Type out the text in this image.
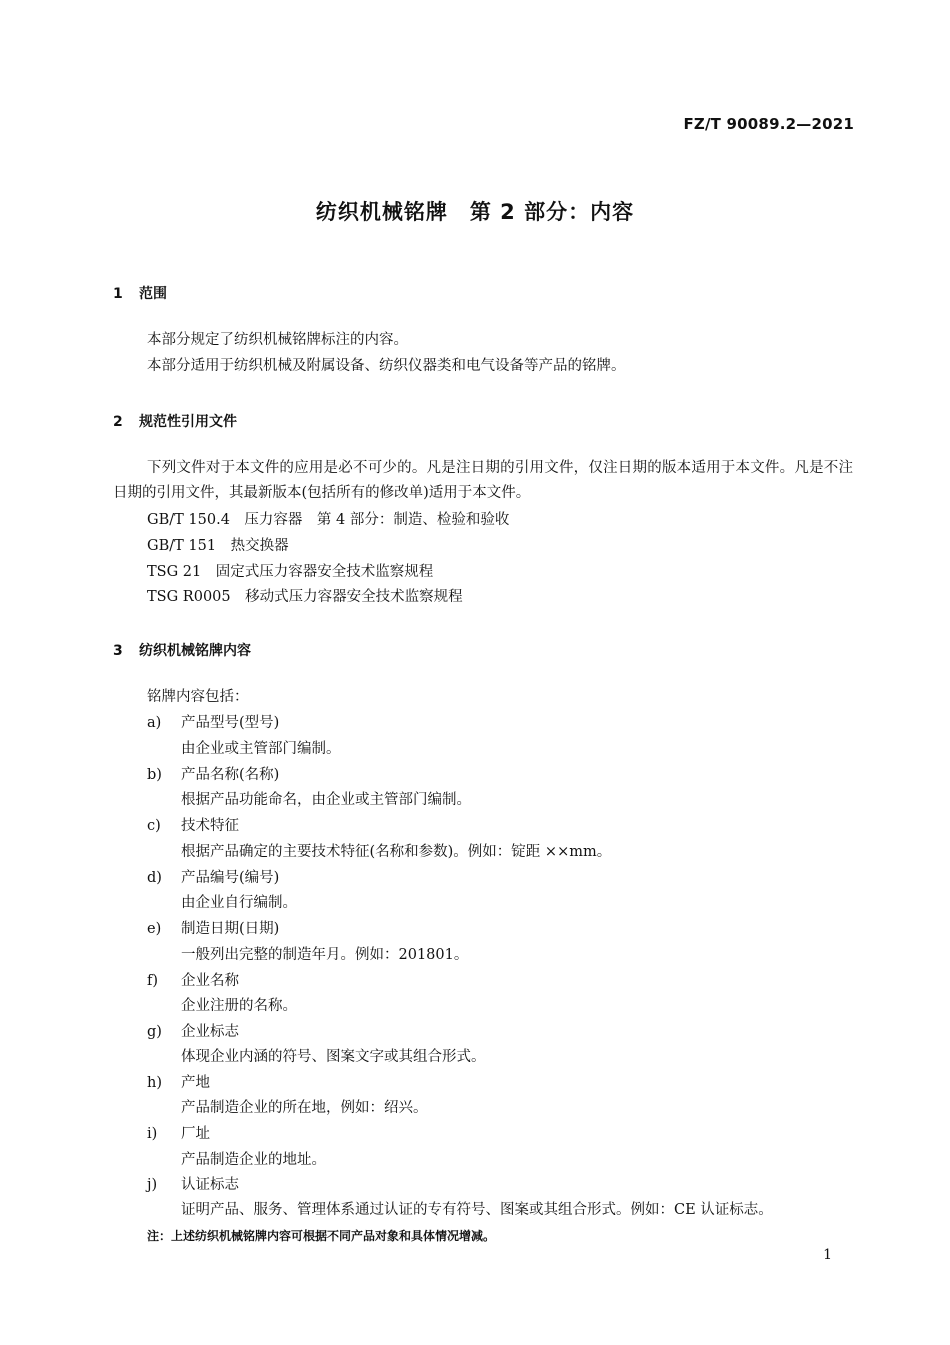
FZ/T 90089.2—2021
纺织机械铭牌　第 2 部分：内容
1 范围
本部分规定了纺织机械铭牌标注的内容。
本部分适用于纺织机械及附属设备、纺织仪器类和电气设备等产品的铭牌。
2 规范性引用文件
下列文件对于本文件的应用是必不可少的。凡是注日期的引用文件，仅注日期的版本适用于本文件。凡是不注日期的引用文件，其最新版本(包括所有的修改单)适用于本文件。
GB/T 150.4　压力容器　第 4 部分：制造、检验和验收
GB/T 151　热交换器
TSG 21　固定式压力容器安全技术监察规程
TSG R0005　移动式压力容器安全技术监察规程
3 纺织机械铭牌内容
铭牌内容包括：
a) 产品型号(型号)
由企业或主管部门编制。
b) 产品名称(名称)
根据产品功能命名，由企业或主管部门编制。
c) 技术特征
根据产品确定的主要技术特征(名称和参数)。例如：锭距 ××mm。
d) 产品编号(编号)
由企业自行编制。
e) 制造日期(日期)
一般列出完整的制造年月。例如：201801。
f) 企业名称
企业注册的名称。
g) 企业标志
体现企业内涵的符号、图案文字或其组合形式。
h) 产地
产品制造企业的所在地，例如：绍兴。
i) 厂址
产品制造企业的地址。
j) 认证标志
证明产品、服务、管理体系通过认证的专有符号、图案或其组合形式。例如：CE 认证标志。
注：上述纺织机械铭牌内容可根据不同产品对象和具体情况增减。
1
